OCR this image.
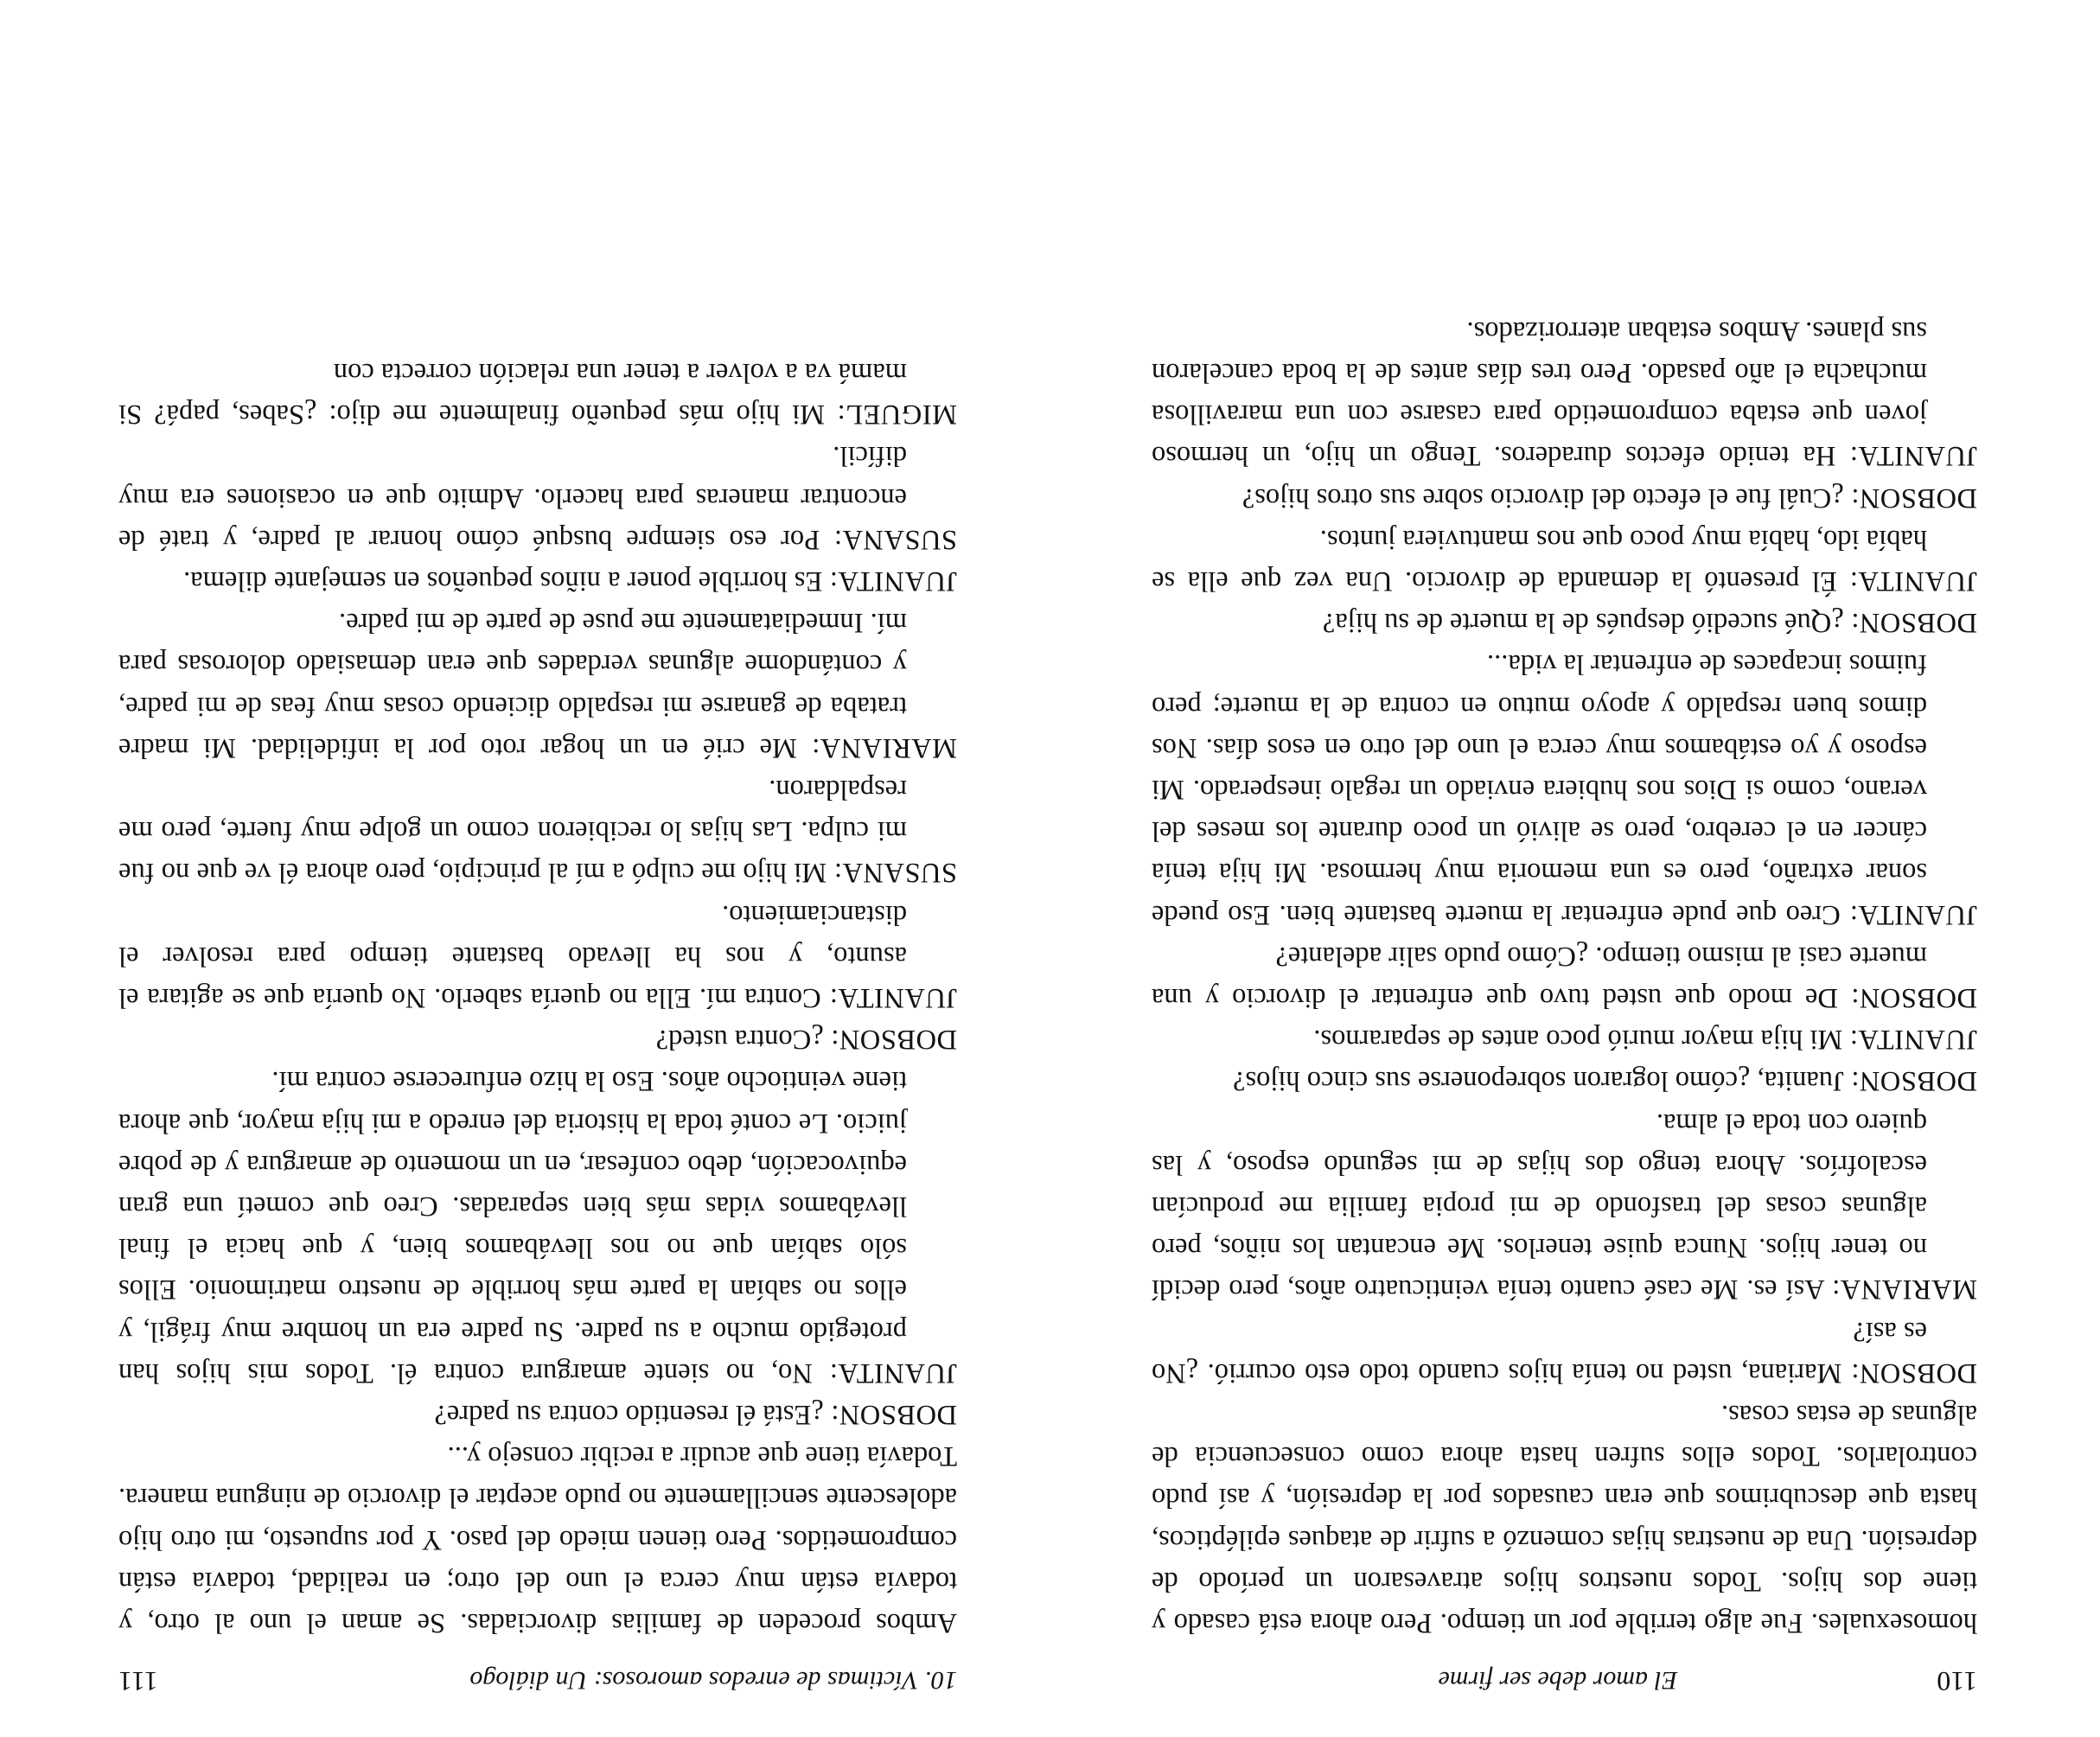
110
El amor debe ser firme

homosexuales. Fue algo terrible por un tiempo. Pero ahora está casado y tiene dos hijos. Todos nuestros hijos atravesaron un período de depresión. Una de nuestras hijas comenzó a sufrir de ataques epilépticos, hasta que descubrimos que eran causados por la depresión, y así pudo controlarlos. Todos ellos sufren hasta ahora como consecuencia de algunas de estas cosas.

DOBSON: Mariana, usted no tenía hijos cuando todo esto ocurrió. ¿No es así?

MARIANA: Así es. Me casé cuanto tenía veinticuatro años, pero decidí no tener hijos. Nunca quise tenerlos. Me encantan los niños, pero algunas cosas del trasfondo de mi propia familia me producían escalofríos. Ahora tengo dos hijas de mi segundo esposo, y las quiero con toda el alma.

DOBSON: Juanita, ¿cómo lograron sobreponerse sus cinco hijos?

JUANITA: Mi hija mayor murió poco antes de separarnos.

DOBSON: De modo que usted tuvo que enfrentar el divorcio y una muerte casi al mismo tiempo. ¿Cómo pudo salir adelante?

JUANITA: Creo que pude enfrentar la muerte bastante bien. Eso puede sonar extraño, pero es una memoria muy hermosa. Mi hija tenía cáncer en el cerebro, pero se alivió un poco durante los meses del verano, como si Dios nos hubiera enviado un regalo inesperado. Mi esposo y yo estábamos muy cerca el uno del otro en esos días. Nos dimos buen respaldo y apoyo mutuo en contra de la muerte; pero fuimos incapaces de enfrentar la vida...

DOBSON: ¿Qué sucedió después de la muerte de su hija?

JUANITA: Él presentó la demanda de divorcio. Una vez que ella se había ido, había muy poco que nos mantuviera juntos.

DOBSON: ¿Cuál fue el efecto del divorcio sobre sus otros hijos?

JUANITA: Ha tenido efectos duraderos. Tengo un hijo, un hermoso joven que estaba comprometido para casarse con una maravillosa muchacha el año pasado. Pero tres días antes de la boda cancelaron sus planes. Ambos estaban aterrorizados.

10. Víctimas de enredos amorosos: Un diálogo
111

Ambos proceden de familias divorciadas. Se aman el uno al otro, y todavía están muy cerca el uno del otro; en realidad, todavía están comprometidos. Pero tienen miedo del paso. Y por supuesto, mi otro hijo adolescente sencillamente no pudo aceptar el divorcio de ninguna manera. Todavía tiene que acudir a recibir consejo y...

DOBSON: ¿Está él resentido contra su padre?

JUANITA: No, no siente amargura contra él. Todos mis hijos han protegido mucho a su padre. Su padre era un hombre muy frágil, y ellos no sabían la parte más horrible de nuestro matrimonio. Ellos sólo sabían que no nos llevábamos bien, y que hacia el final llevábamos vidas más bien separadas. Creo que cometí una gran equivocación, debo confesar, en un momento de amargura y de pobre juicio. Le conté toda la historia del enredo a mi hija mayor, que ahora tiene veintiocho años. Eso la hizo enfurecerse contra mí.

DOBSON: ¿Contra usted?

JUANITA: Contra mí. Ella no quería saberlo. No quería que se agitara el asunto, y nos ha llevado bastante tiempo para resolver el distanciamiento.

SUSANA: Mi hijo me culpó a mí al principio, pero ahora él ve que no fue mi culpa. Las hijas lo recibieron como un golpe muy fuerte, pero me respaldaron.

MARIANA: Me crié en un hogar roto por la infidelidad. Mi madre trataba de ganarse mi respaldo diciendo cosas muy feas de mi padre, y contándome algunas verdades que eran demasiado dolorosas para mí. Inmediatamente me puse de parte de mi padre.

JUANITA: Es horrible poner a niños pequeños en semejante dilema.

SUSANA: Por eso siempre busqué cómo honrar al padre, y traté de encontrar maneras para hacerlo. Admito que en ocasiones era muy difícil.

MIGUEL: Mi hijo más pequeño finalmente me dijo: ¿Sabes, papá? Si mamá va a volver a tener una relación correcta con
